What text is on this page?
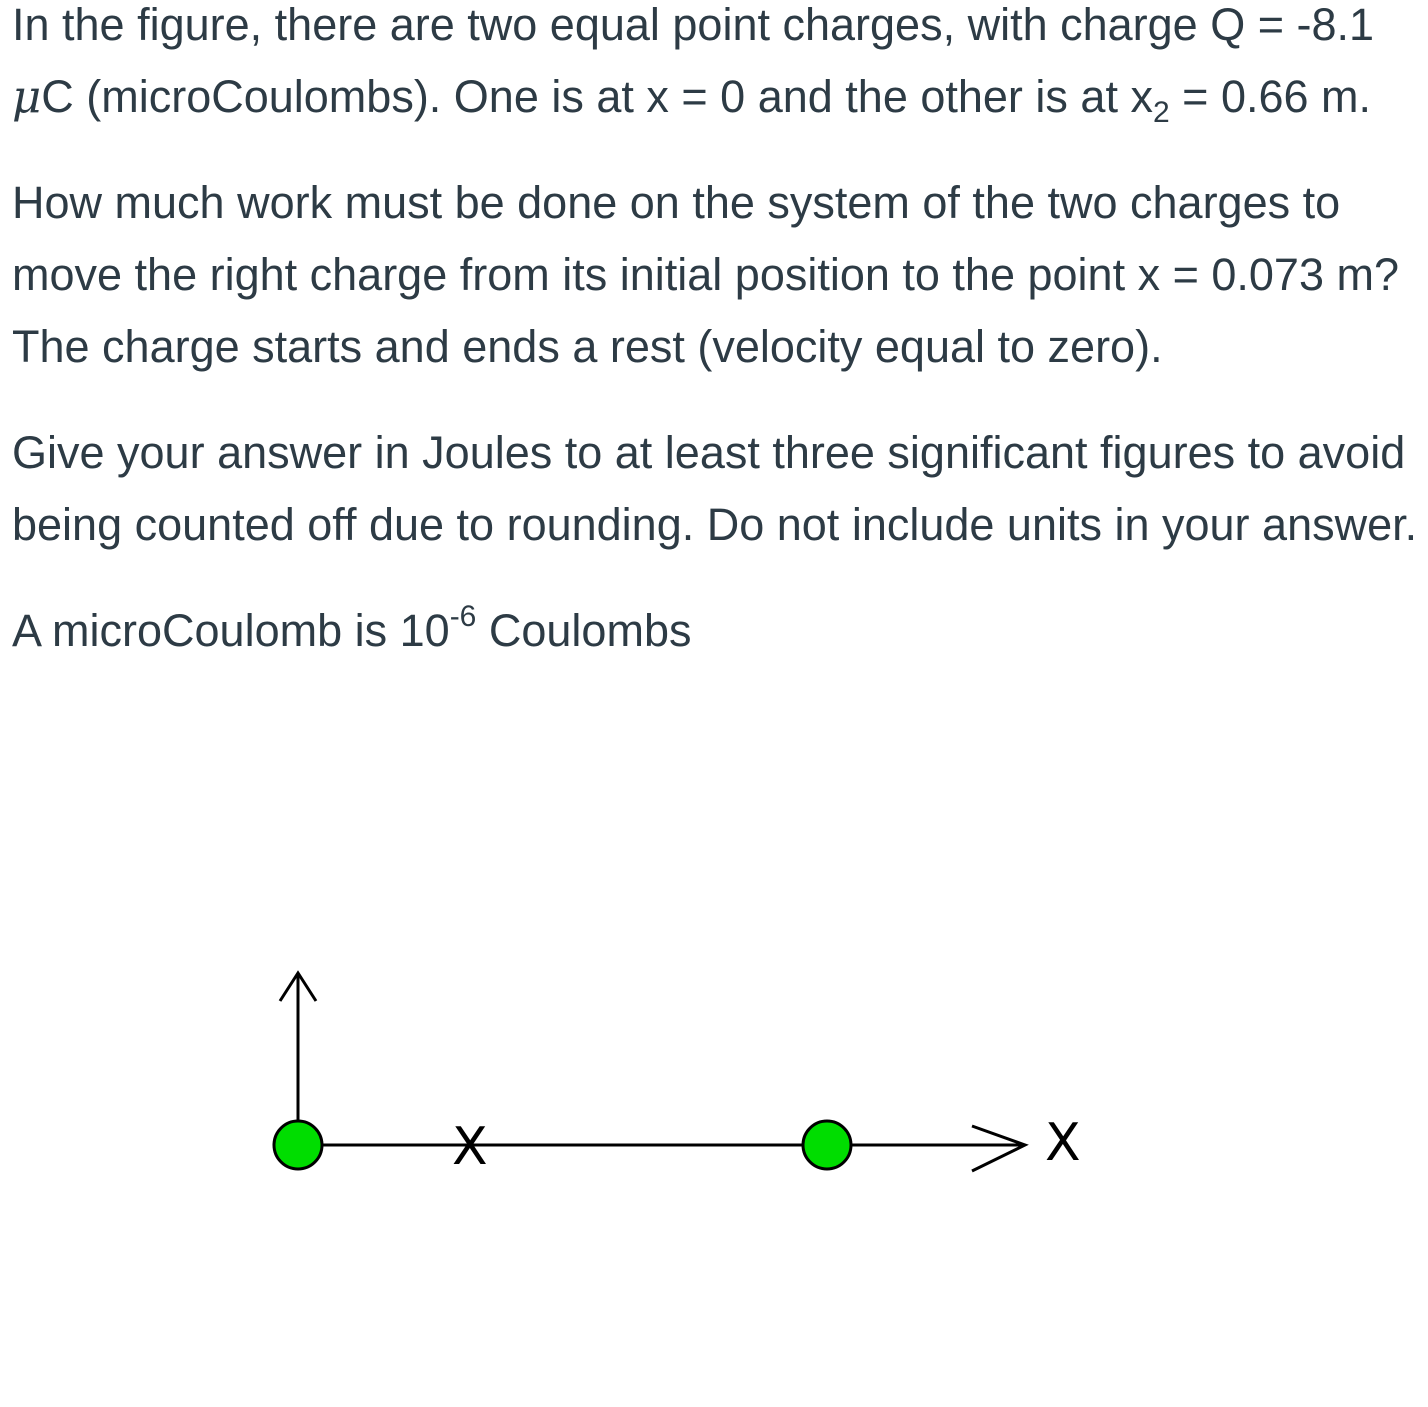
In the figure, there are two equal point charges, with charge Q = -8.1 μC (microCoulombs). One is at x = 0 and the other is at $x_2 = 0.66$ m.

How much work must be done on the system of the two charges to move the right charge from its initial position to the point x = 0.073 m? The charge starts and ends a rest (velocity equal to zero).

Give your answer in Joules to at least three significant figures to avoid being counted off due to rounding. Do not include units in your answer.

A microCoulomb is $10^{-6}$ Coulombs

X	X
